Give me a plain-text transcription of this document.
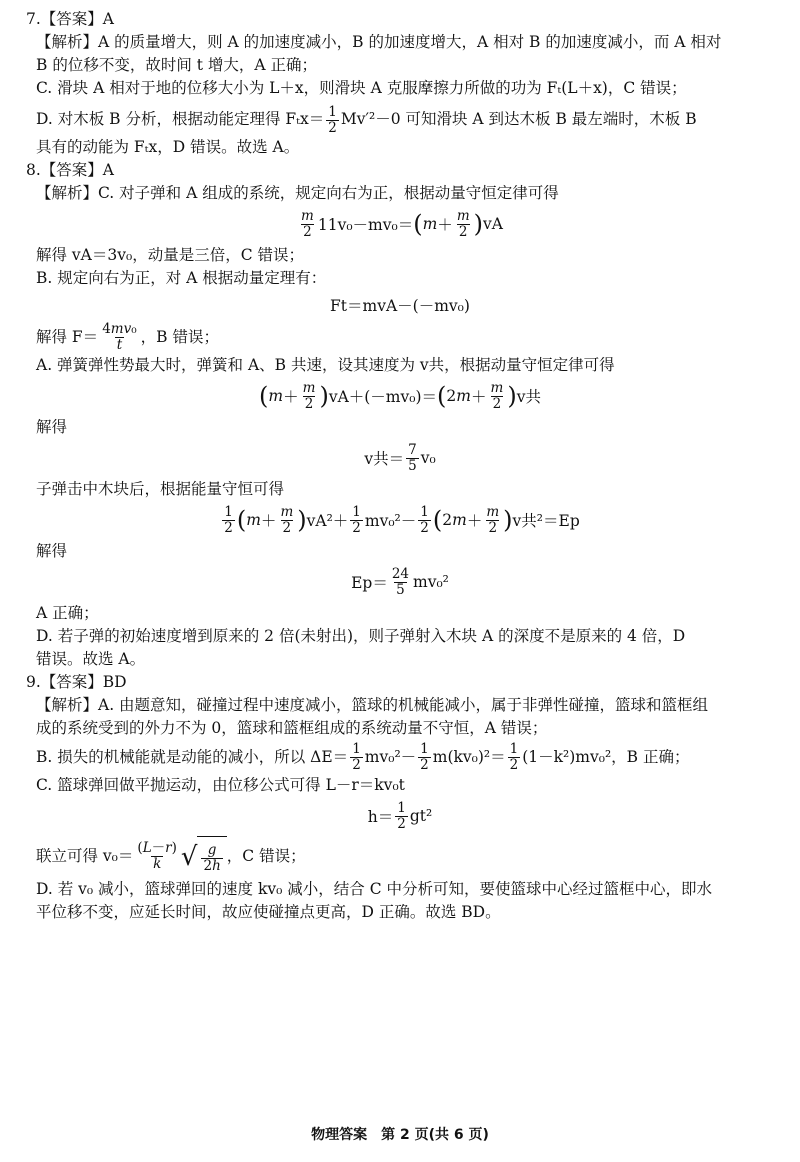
7.【答案】A

【解析】A 的质量增大，则 A 的加速度减小，B 的加速度增大，A 相对 B 的加速度减小，而 A 相对

B 的位移不变，故时间 t 增大，A 正确；

C. 滑块 A 相对于地的位移大小为 L＋x，则滑块 A 克服摩擦力所做的功为 Fₜ(L＋x)，C 错误；

D. 对木板 B 分析，根据动能定理得 $F_tx= \frac{1}{2} Mv'^2-0$ 可知滑块 A 到达木板 B 最左端时，木板 B

具有的动能为 Fₜx，D 错误。故选 A。

8.【答案】A

【解析】C. 对子弹和 A 组成的系统，规定向右为正，根据动量守恒定律可得

$\frac{m}{2} 11v_0-mv_0=$ ( $m + \frac{m}{2}$ ) vA

解得 vA＝3v₀，动量是三倍，C 错误；

B. 规定向右为正，对 A 根据动量定理有：

Ft＝mvA－(－mv₀)

解得 $F= \frac{\text{4mv₀}}{t}$ ，B 错误；

A. 弹簧弹性势最大时，弹簧和 A、B 共速，设其速度为 v共，根据动量守恒定律可得

( $m + \frac{m}{2}$ ) vA＋(－mv₀)＝ ( 2 $m + \frac{m}{2}$ ) v共

解得

v共＝ $\frac{7}{5} v_0$

子弹击中木块后，根据能量守恒可得

$\frac{1}{2}$ ( $m + \frac{m}{2}$ ) $vA^2+ \frac{1}{2} mv_0^2- \frac{1}{2}$ ( 2 $m + \frac{m}{2}$ ) v共²＝Ep

解得

$Ep= \frac{24}{5} mv_0^2$

A 正确；

D. 若子弹的初始速度增到原来的 2 倍(未射出)，则子弹射入木块 A 的深度不是原来的 4 倍，D

错误。故选 A。

9.【答案】BD

【解析】A. 由题意知，碰撞过程中速度减小，篮球的机械能减小，属于非弹性碰撞，篮球和篮框组

成的系统受到的外力不为 0，篮球和篮框组成的系统动量不守恒，A 错误；

B. 损失的机械能就是动能的减小，所以 $\Delta E= \frac{1}{2} mv_0^2- \frac{1}{2} m(kv_0)^2= \frac{1}{2} (1-k^2)mv_0^2$，B 正确；

C. 篮球弹回做平抛运动，由位移公式可得 L－r＝kv₀t

$h= \frac{1}{2} gt^2$

联立可得 $v_0= \frac{(L-r)}{k}$ √ $\frac{g}{2h}$ ，C 错误；

D. 若 v₀ 减小，篮球弹回的速度 kv₀ 减小，结合 C 中分析可知，要使篮球中心经过篮框中心，即水

平位移不变，应延长时间，故应使碰撞点更高，D 正确。故选 BD。

物理答案　第 2 页(共 6 页)
